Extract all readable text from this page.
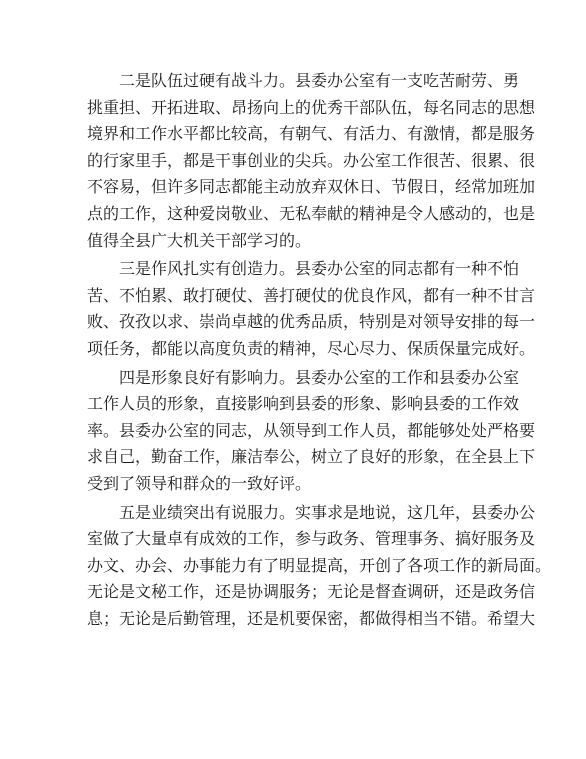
二是队伍过硬有战斗力。县委办公室有一支吃苦耐劳、勇
挑重担、开拓进取、昂扬向上的优秀干部队伍，每名同志的思想
境界和工作水平都比较高，有朝气、有活力、有激情，都是服务
的行家里手，都是干事创业的尖兵。办公室工作很苦、很累、很
不容易，但许多同志都能主动放弃双休日、节假日，经常加班加
点的工作，这种爱岗敬业、无私奉献的精神是令人感动的，也是
值得全县广大机关干部学习的。

三是作风扎实有创造力。县委办公室的同志都有一种不怕
苦、不怕累、敢打硬仗、善打硬仗的优良作风，都有一种不甘言
败、孜孜以求、崇尚卓越的优秀品质，特别是对领导安排的每一
项任务，都能以高度负责的精神，尽心尽力、保质保量完成好。

四是形象良好有影响力。县委办公室的工作和县委办公室
工作人员的形象，直接影响到县委的形象、影响县委的工作效
率。县委办公室的同志，从领导到工作人员，都能够处处严格要
求自己，勤奋工作，廉洁奉公，树立了良好的形象，在全县上下
受到了领导和群众的一致好评。

五是业绩突出有说服力。实事求是地说，这几年，县委办公
室做了大量卓有成效的工作，参与政务、管理事务、搞好服务及
办文、办会、办事能力有了明显提高，开创了各项工作的新局面。
无论是文秘工作，还是协调服务；无论是督查调研，还是政务信
息；无论是后勤管理，还是机要保密，都做得相当不错。希望大
